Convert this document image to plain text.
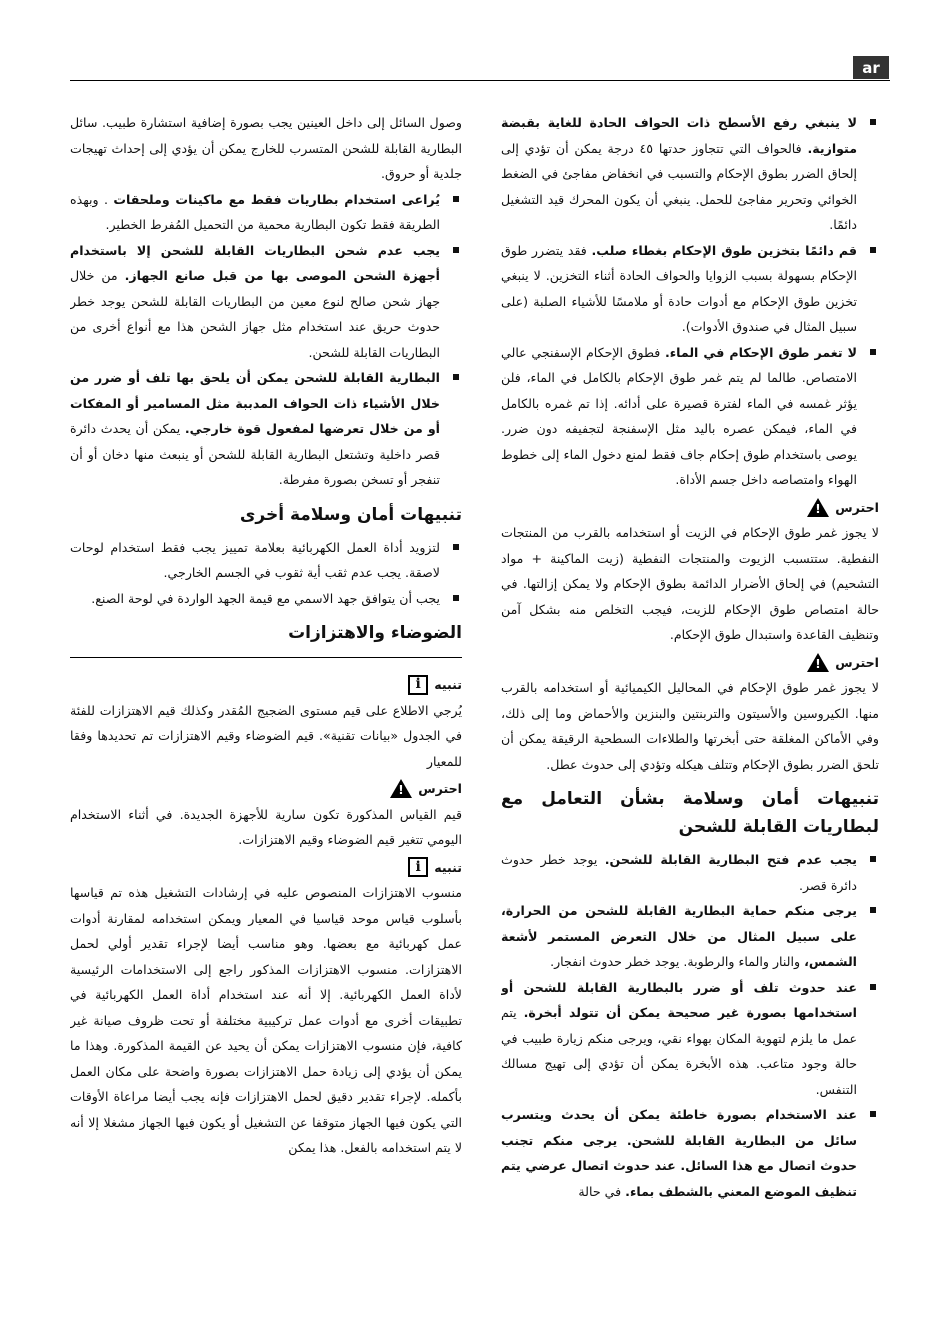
ar

لا ينبغي رفع الأسطح ذات الحواف الحادة للغاية بقبضة متوازية. فالحواف التي تتجاوز حدتها ٤٥ درجة يمكن أن تؤدي إلى إلحاق الضرر بطوق الإحكام والتسبب في انخفاض مفاجئ في الضغط الخوائي وتحرير مفاجئ للحمل. ينبغي أن يكون المحرك قيد التشغيل دائمًا.

قم دائمًا بتخزين طوق الإحكام بغطاء صلب. فقد يتضرر طوق الإحكام بسهولة بسبب الزوايا والحواف الحادة أثناء التخزين. لا ينبغي تخزين طوق الإحكام مع أدوات حادة أو ملامسًا للأشياء الصلبة (على سبيل المثال في صندوق الأدوات).

لا تغمر طوق الإحكام في الماء. فطوق الإحكام الإسفنجي عالي الامتصاص. طالما لم يتم غمر طوق الإحكام بالكامل في الماء، فلن يؤثر غمسه في الماء لفترة قصيرة على أدائه. إذا تم غمره بالكامل في الماء، فيمكن عصره باليد مثل الإسفنجة لتجفيفه دون ضرر. يوصى باستخدام طوق إحكام جاف فقط لمنع دخول الماء إلى خطوط الهواء وامتصاصه داخل جسم الأداة.

احترس
!

لا يجوز غمر طوق الإحكام في الزيت أو استخدامه بالقرب من المنتجات النفطية. ستتسبب الزيوت والمنتجات النفطية (زيت الماكينة + مواد التشحيم) في إلحاق الأضرار الدائمة بطوق الإحكام ولا يمكن إزالتها. في حالة امتصاص طوق الإحكام للزيت، فيجب التخلص منه بشكل آمن وتنظيف القاعدة واستبدال طوق الإحكام.

احترس
!

لا يجوز غمر طوق الإحكام في المحاليل الكيميائية أو استخدامه بالقرب منها. الكيروسين والأسيتون والتربنتين والبنزين والأحماض وما إلى ذلك، وفي الأماكن المغلقة حتى أبخرتها والطلاءات السطحية الرقيقة يمكن أن تلحق الضرر بطوق الإحكام وتتلف هيكله وتؤدي إلى حدوث عطل.

تنبيهات أمان وسلامة بشأن التعامل مع لبطاريات القابلة للشحن

يجب عدم فتح البطارية القابلة للشحن. يوجد خطر حدوث دائرة قصر.

يرجى منكم حماية البطارية القابلة للشحن من الحرارة، على سبيل المثال من خلال التعرض المستمر لأشعة الشمس، والنار والماء والرطوبة. يوجد خطر حدوث انفجار.

عند حدوث تلف أو ضرر بالبطارية القابلة للشحن أو استخدامها بصورة غير صحيحة يمكن أن تتولد أبخرة. يتم عمل ما يلزم لتهوية المكان بهواء نقي، ويرجى منكم زيارة طبيب في حالة وجود متاعب. هذه الأبخرة يمكن أن تؤدي إلى تهيج مسالك التنفس.

عند الاستخدام بصورة خاطئة يمكن أن يحدث ويتسرب سائل من البطارية القابلة للشحن. يرجى منكم تجنب حدوث اتصال مع هذا السائل. عند حدوث اتصال عرضي يتم تنظيف الموضع المعني بالشطف بماء. في حالة

وصول السائل إلى داخل العينين يجب بصورة إضافية استشارة طبيب. سائل البطارية القابلة للشحن المتسرب للخارج يمكن أن يؤدي إلى إحداث تهيجات جلدية أو حروق.

يُراعى استخدام بطاريات فقط مع ماكينات وملحقات . وبهذه الطريقة فقط تكون البطارية محمية من التحميل المُفرط الخطير.

يجب عدم شحن البطاريات القابلة للشحن إلا باستخدام أجهزة الشحن الموصى بها من قبل صانع الجهاز. من خلال جهاز شحن صالح لنوع معين من البطاريات القابلة للشحن يوجد خطر حدوث حريق عند استخدام مثل جهاز الشحن هذا مع أنواع أخرى من البطاريات القابلة للشحن.

البطارية القابلة للشحن يمكن أن يلحق بها تلف أو ضرر من خلال الأشياء ذات الحواف المدببة مثل المسامير أو المفكات أو من خلال تعرضها لمفعول قوة خارجي. يمكن أن يحدث دائرة قصر داخلية وتشتعل البطارية القابلة للشحن أو ينبعث منها دخان أو أن تنفجر أو تسخن بصورة مفرطة.

تنبيهات أمان وسلامة أخرى

لتزويد أداة العمل الكهربائية بعلامة تمييز يجب فقط استخدام لوحات لاصقة. يجب عدم ثقب أية ثقوب في الجسم الخارجي.

يجب أن يتوافق جهد الاسمي مع قيمة الجهد الواردة في لوحة الصنع.

الضوضاء والاهتزازات
تنبيه
i

يُرجي الاطلاع على قيم مستوى الضجيج المُقدر وكذلك قيم الاهتزازات للفئة في الجدول «بيانات تقنية». قيم الضوضاء وقيم الاهتزازات تم تحديدها وفقا للمعيار

احترس
!

قيم القياس المذكورة تكون سارية للأجهزة الجديدة. في أثناء الاستخدام اليومي تتغير قيم الضوضاء وقيم الاهتزازات.

تنبيه
i

منسوب الاهتزازات المنصوص عليه في إرشادات التشغيل هذه تم قياسها بأسلوب قياس موحد قياسيا في المعيار ويمكن استخدامه لمقارنة أدوات عمل كهربائية مع بعضها. وهو مناسب أيضا لإجراء تقدير أولي لحمل الاهتزازات. منسوب الاهتزازات المذكور راجع إلى الاستخدامات الرئيسية لأداة العمل الكهربائية. إلا أنه عند استخدام أداة العمل الكهربائية في تطبيقات أخرى مع أدوات عمل تركيبية مختلفة أو تحت ظروف صيانة غير كافية، فإن منسوب الاهتزازات يمكن أن يحيد عن القيمة المذكورة. وهذا ما يمكن أن يؤدي إلى زيادة حمل الاهتزازات بصورة واضحة على مكان العمل بأكمله. لإجراء تقدير دقيق لحمل الاهتزازات فإنه يجب أيضا مراعاة الأوقات التي يكون فيها الجهاز متوقفا عن التشغيل أو يكون فيها الجهاز مشغلا إلا أنه لا يتم استخدامه بالفعل. هذا يمكن
